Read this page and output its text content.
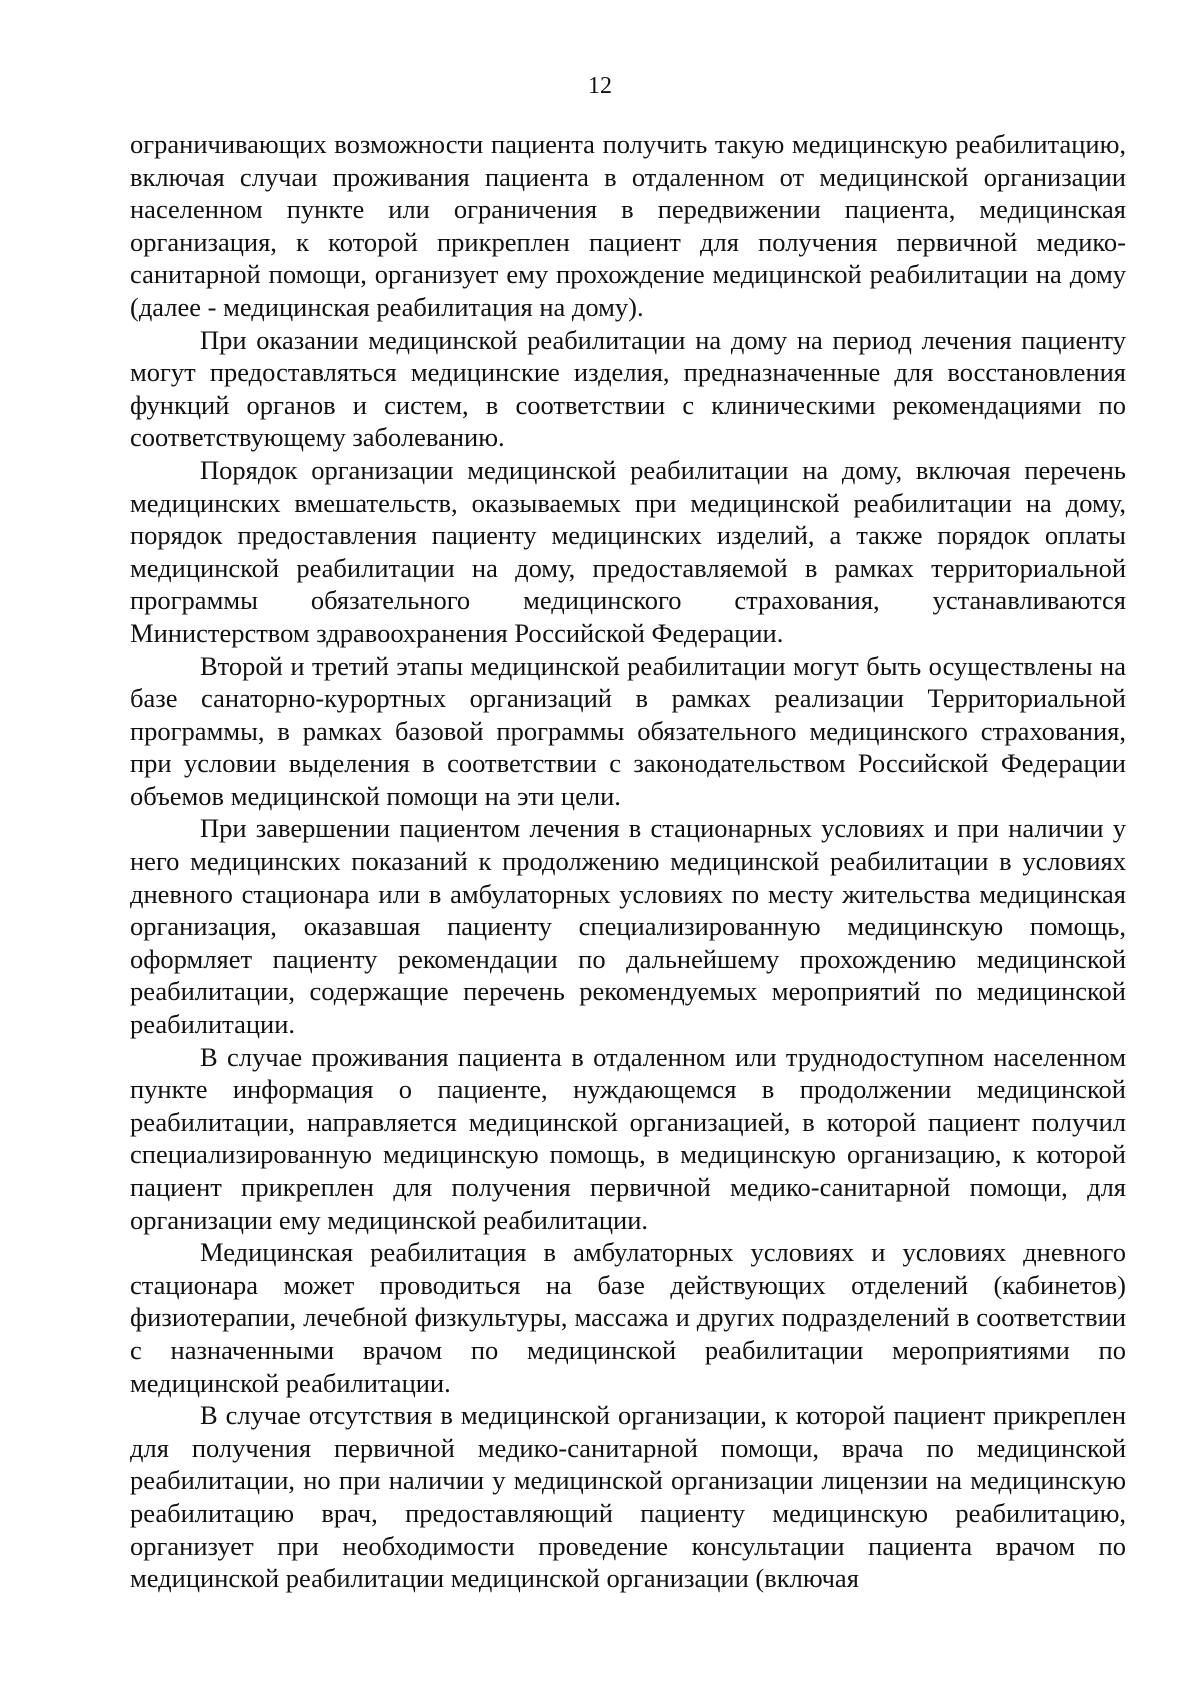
12

ограничивающих возможности пациента получить такую медицинскую реабилитацию, включая случаи проживания пациента в отдаленном от медицинской организации населенном пункте или ограничения в передвижении пациента, медицинская организация, к которой прикреплен пациент для получения первичной медико-санитарной помощи, организует ему прохождение медицинской реабилитации на дому (далее - медицинская реабилитация на дому).

При оказании медицинской реабилитации на дому на период лечения пациенту могут предоставляться медицинские изделия, предназначенные для восстановления функций органов и систем, в соответствии с клиническими рекомендациями по соответствующему заболеванию.

Порядок организации медицинской реабилитации на дому, включая перечень медицинских вмешательств, оказываемых при медицинской реабилитации на дому, порядок предоставления пациенту медицинских изделий, а также порядок оплаты медицинской реабилитации на дому, предоставляемой в рамках территориальной программы обязательного медицинского страхования, устанавливаются Министерством здравоохранения Российской Федерации.

Второй и третий этапы медицинской реабилитации могут быть осуществлены на базе санаторно-курортных организаций в рамках реализации Территориальной программы, в рамках базовой программы обязательного медицинского страхования, при условии выделения в соответствии с законодательством Российской Федерации объемов медицинской помощи на эти цели.

При завершении пациентом лечения в стационарных условиях и при наличии у него медицинских показаний к продолжению медицинской реабилитации в условиях дневного стационара или в амбулаторных условиях по месту жительства медицинская организация, оказавшая пациенту специализированную медицинскую помощь, оформляет пациенту рекомендации по дальнейшему прохождению медицинской реабилитации, содержащие перечень рекомендуемых мероприятий по медицинской реабилитации.

В случае проживания пациента в отдаленном или труднодоступном населенном пункте информация о пациенте, нуждающемся в продолжении медицинской реабилитации, направляется медицинской организацией, в которой пациент получил специализированную медицинскую помощь, в медицинскую организацию, к которой пациент прикреплен для получения первичной медико-санитарной помощи, для организации ему медицинской реабилитации.

Медицинская реабилитация в амбулаторных условиях и условиях дневного стационара может проводиться на базе действующих отделений (кабинетов) физиотерапии, лечебной физкультуры, массажа и других подразделений в соответствии с назначенными врачом по медицинской реабилитации мероприятиями по медицинской реабилитации.

В случае отсутствия в медицинской организации, к которой пациент прикреплен для получения первичной медико-санитарной помощи, врача по медицинской реабилитации, но при наличии у медицинской организации лицензии на медицинскую реабилитацию врач, предоставляющий пациенту медицинскую реабилитацию, организует при необходимости проведение консультации пациента врачом по медицинской реабилитации медицинской организации (включая
